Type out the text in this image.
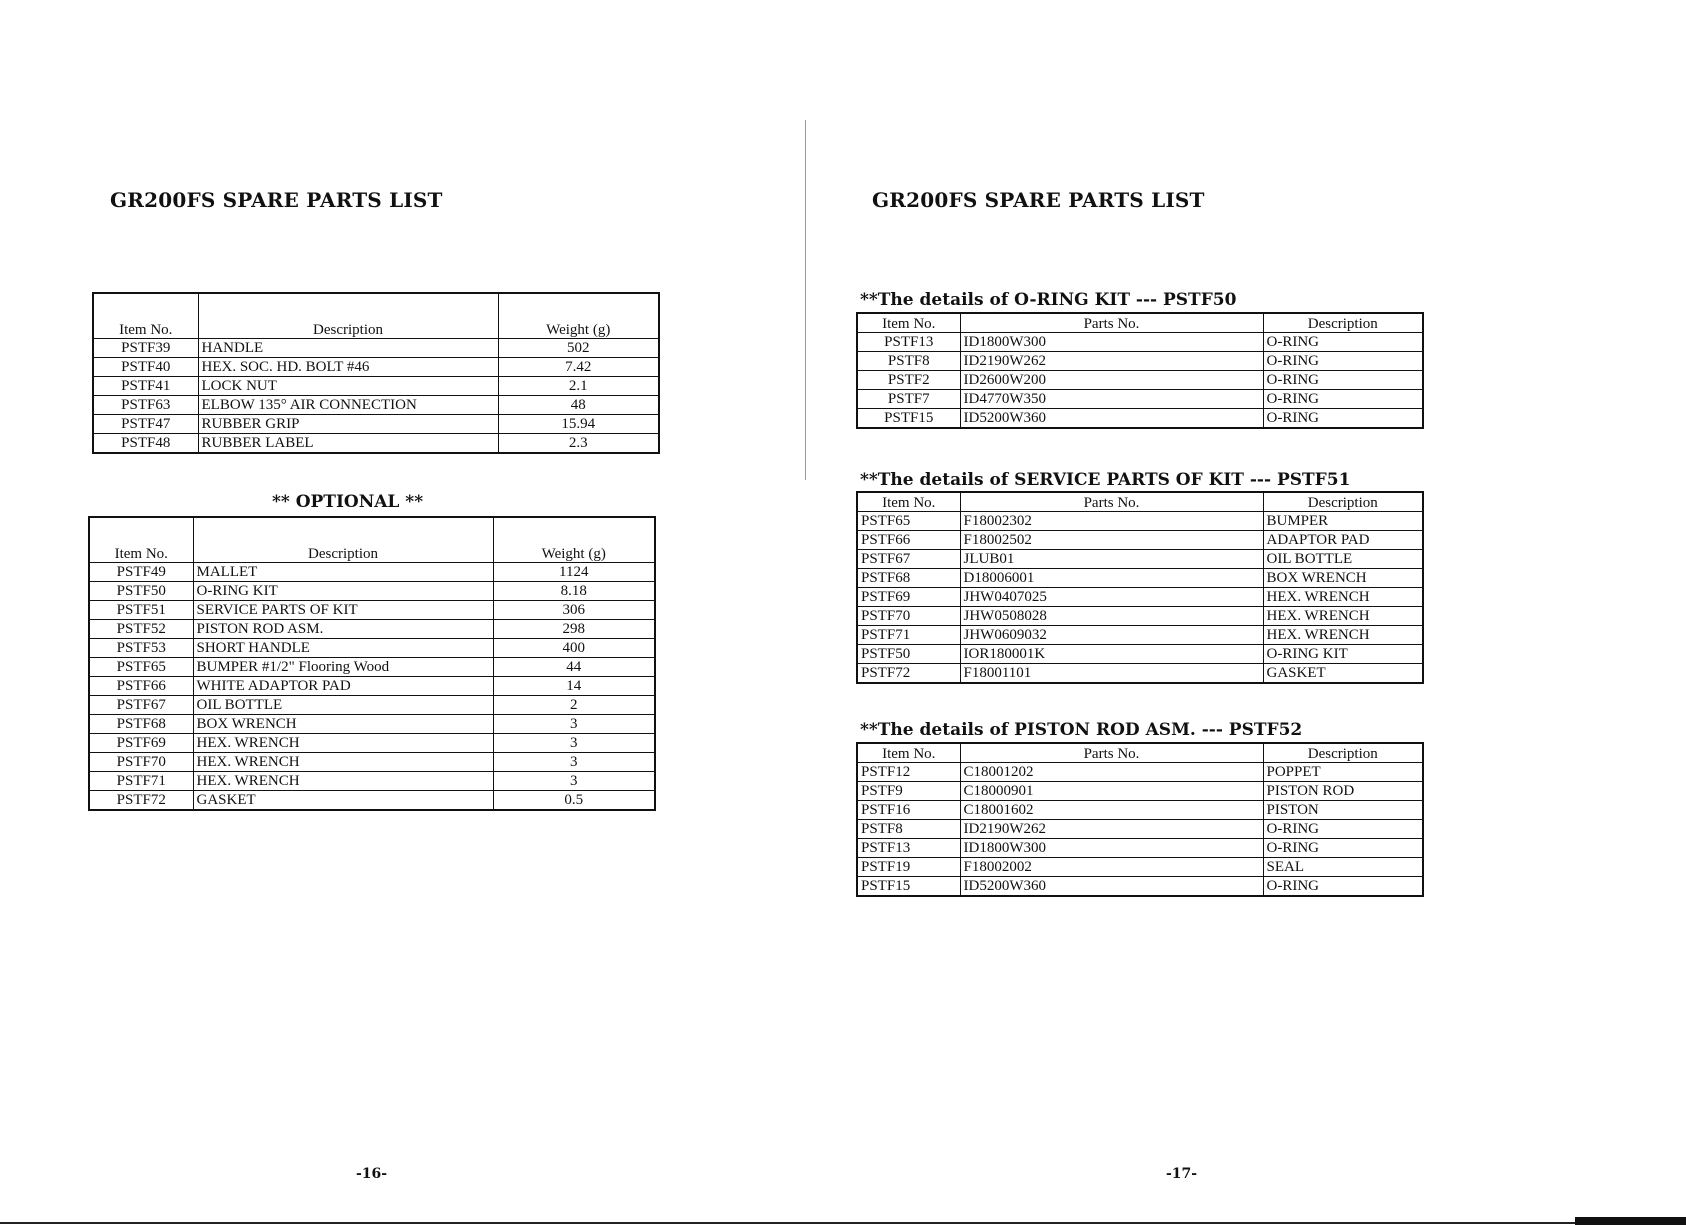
GR200FS SPARE PARTS LIST
Item No.	Description	Weight (g)
PSTF39	HANDLE	502
PSTF40	HEX. SOC. HD. BOLT #46	7.42
PSTF41	LOCK NUT	2.1
PSTF63	ELBOW 135° AIR CONNECTION	48
PSTF47	RUBBER GRIP	15.94
PSTF48	RUBBER LABEL	2.3
** OPTIONAL **
Item No.	Description	Weight (g)
PSTF49	MALLET	1124
PSTF50	O-RING KIT	8.18
PSTF51	SERVICE PARTS OF KIT	306
PSTF52	PISTON ROD ASM.	298
PSTF53	SHORT HANDLE	400
PSTF65	BUMPER #1/2" Flooring Wood	44
PSTF66	WHITE ADAPTOR PAD	14
PSTF67	OIL BOTTLE	2
PSTF68	BOX WRENCH	3
PSTF69	HEX. WRENCH	3
PSTF70	HEX. WRENCH	3
PSTF71	HEX. WRENCH	3
PSTF72	GASKET	0.5
-16-
GR200FS SPARE PARTS LIST
**The details of O-RING KIT --- PSTF50
Item No.	Parts No.	Description
PSTF13	ID1800W300	O-RING
PSTF8	ID2190W262	O-RING
PSTF2	ID2600W200	O-RING
PSTF7	ID4770W350	O-RING
PSTF15	ID5200W360	O-RING
**The details of SERVICE PARTS OF KIT --- PSTF51
Item No.	Parts No.	Description
PSTF65	F18002302	BUMPER
PSTF66	F18002502	ADAPTOR PAD
PSTF67	JLUB01	OIL BOTTLE
PSTF68	D18006001	BOX WRENCH
PSTF69	JHW0407025	HEX. WRENCH
PSTF70	JHW0508028	HEX. WRENCH
PSTF71	JHW0609032	HEX. WRENCH
PSTF50	IOR180001K	O-RING KIT
PSTF72	F18001101	GASKET
**The details of PISTON ROD ASM. --- PSTF52
Item No.	Parts No.	Description
PSTF12	C18001202	POPPET
PSTF9	C18000901	PISTON ROD
PSTF16	C18001602	PISTON
PSTF8	ID2190W262	O-RING
PSTF13	ID1800W300	O-RING
PSTF19	F18002002	SEAL
PSTF15	ID5200W360	O-RING
-17-
